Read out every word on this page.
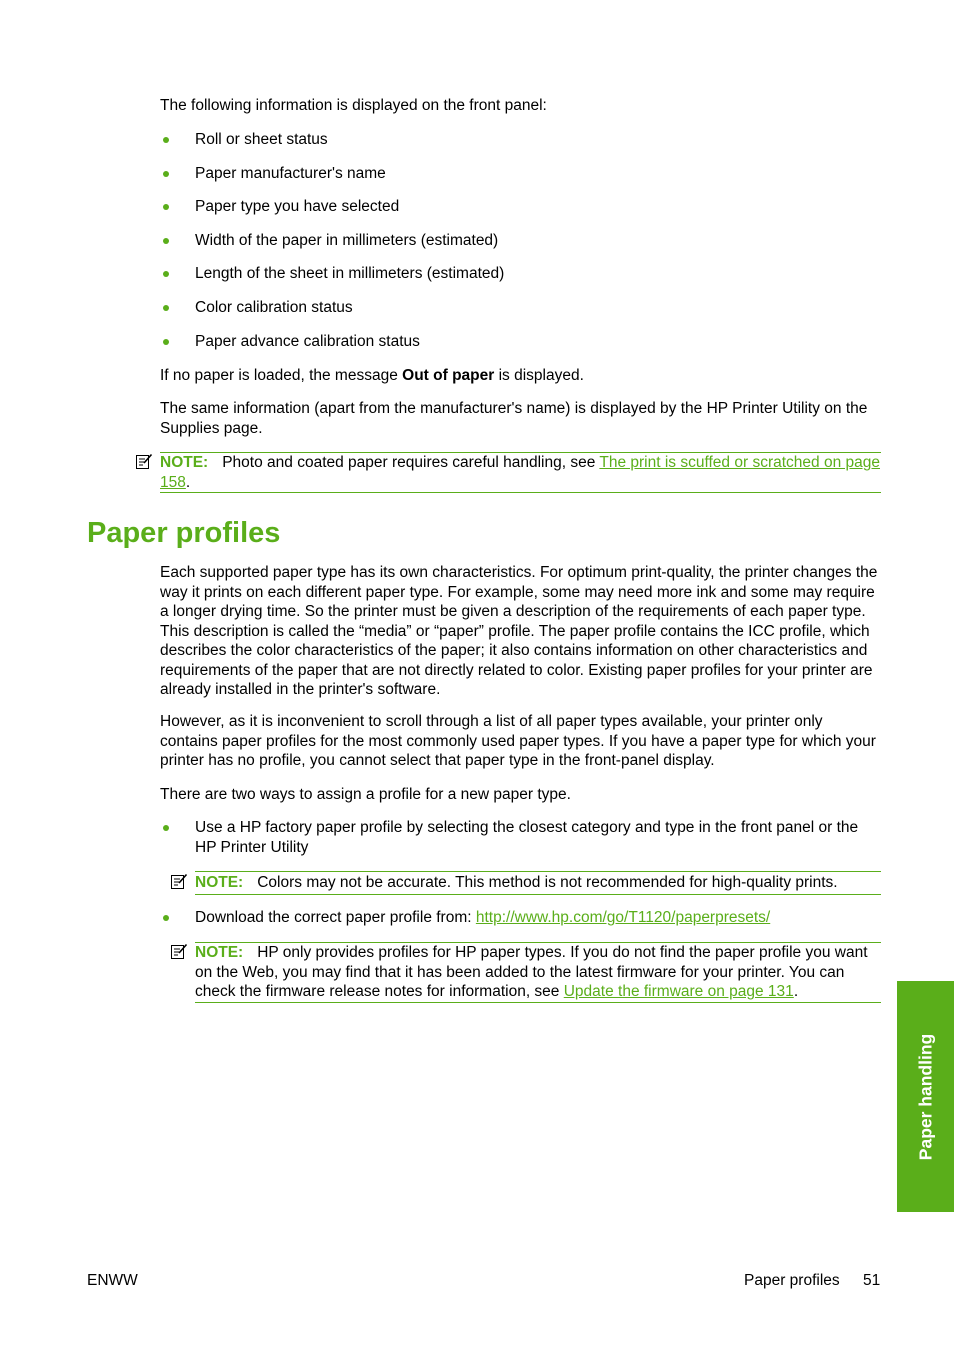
The following information is displayed on the front panel:

Roll or sheet status
Paper manufacturer's name
Paper type you have selected
Width of the paper in millimeters (estimated)
Length of the sheet in millimeters (estimated)
Color calibration status
Paper advance calibration status

If no paper is loaded, the message Out of paper is displayed.

The same information (apart from the manufacturer's name) is displayed by the HP Printer Utility on the Supplies page.

NOTE: Photo and coated paper requires careful handling, see The print is scuffed or scratched on page 158.
Paper profiles

Each supported paper type has its own characteristics. For optimum print-quality, the printer changes the way it prints on each different paper type. For example, some may need more ink and some may require a longer drying time. So the printer must be given a description of the requirements of each paper type. This description is called the “media” or “paper” profile. The paper profile contains the ICC profile, which describes the color characteristics of the paper; it also contains information on other characteristics and requirements of the paper that are not directly related to color. Existing paper profiles for your printer are already installed in the printer's software.

However, as it is inconvenient to scroll through a list of all paper types available, your printer only contains paper profiles for the most commonly used paper types. If you have a paper type for which your printer has no profile, you cannot select that paper type in the front-panel display.

There are two ways to assign a profile for a new paper type.

Use a HP factory paper profile by selecting the closest category and type in the front panel or the HP Printer Utility

NOTE: Colors may not be accurate. This method is not recommended for high-quality prints.

Download the correct paper profile from: http://www.hp.com/go/T1120/paperpresets/

NOTE: HP only provides profiles for HP paper types. If you do not find the paper profile you want on the Web, you may find that it has been added to the latest firmware for your printer. You can check the firmware release notes for information, see Update the firmware on page 131.
Paper handling
ENWW	Paper profiles 51
